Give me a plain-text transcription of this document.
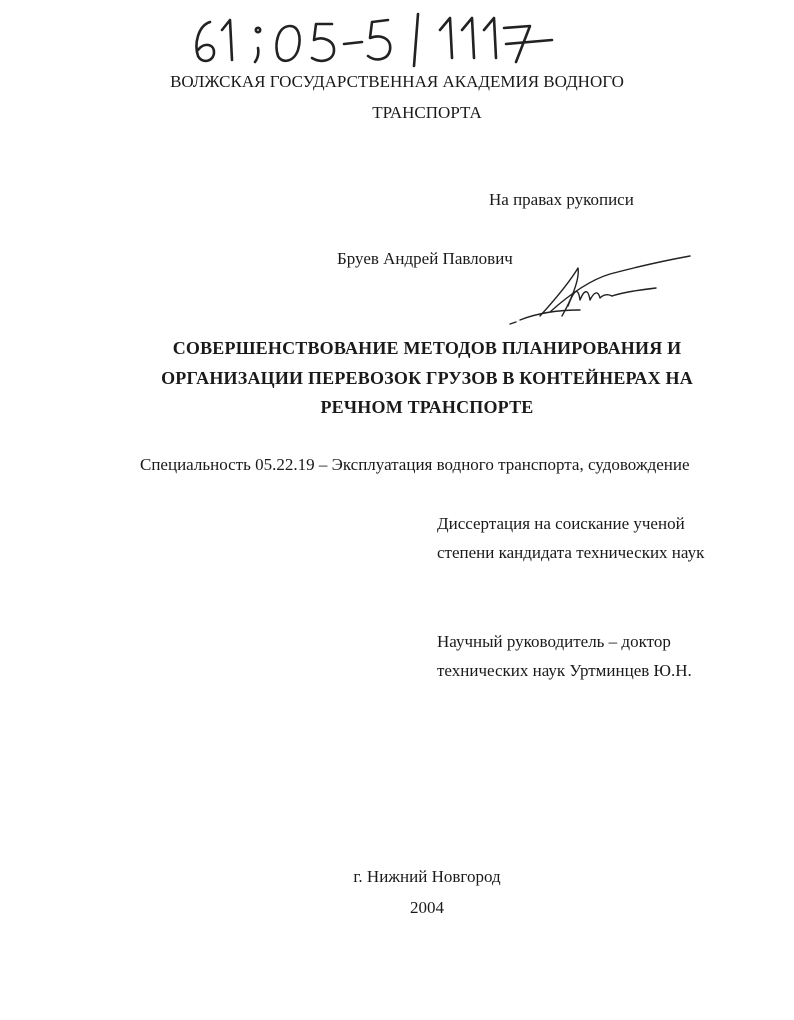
ВОЛЖСКАЯ ГОСУДАРСТВЕННАЯ АКАДЕМИЯ ВОДНОГО
ТРАНСПОРТА
На правах рукописи
Бруев Андрей Павлович
СОВЕРШЕНСТВОВАНИЕ МЕТОДОВ ПЛАНИРОВАНИЯ И
ОРГАНИЗАЦИИ ПЕРЕВОЗОК ГРУЗОВ В КОНТЕЙНЕРАХ НА
РЕЧНОМ ТРАНСПОРТЕ
Специальность 05.22.19 – Эксплуатация водного транспорта, судовождение
Диссертация на соискание ученой
степени кандидата технических наук
Научный руководитель – доктор
технических наук Уртминцев Ю.Н.
г. Нижний Новгород
2004
